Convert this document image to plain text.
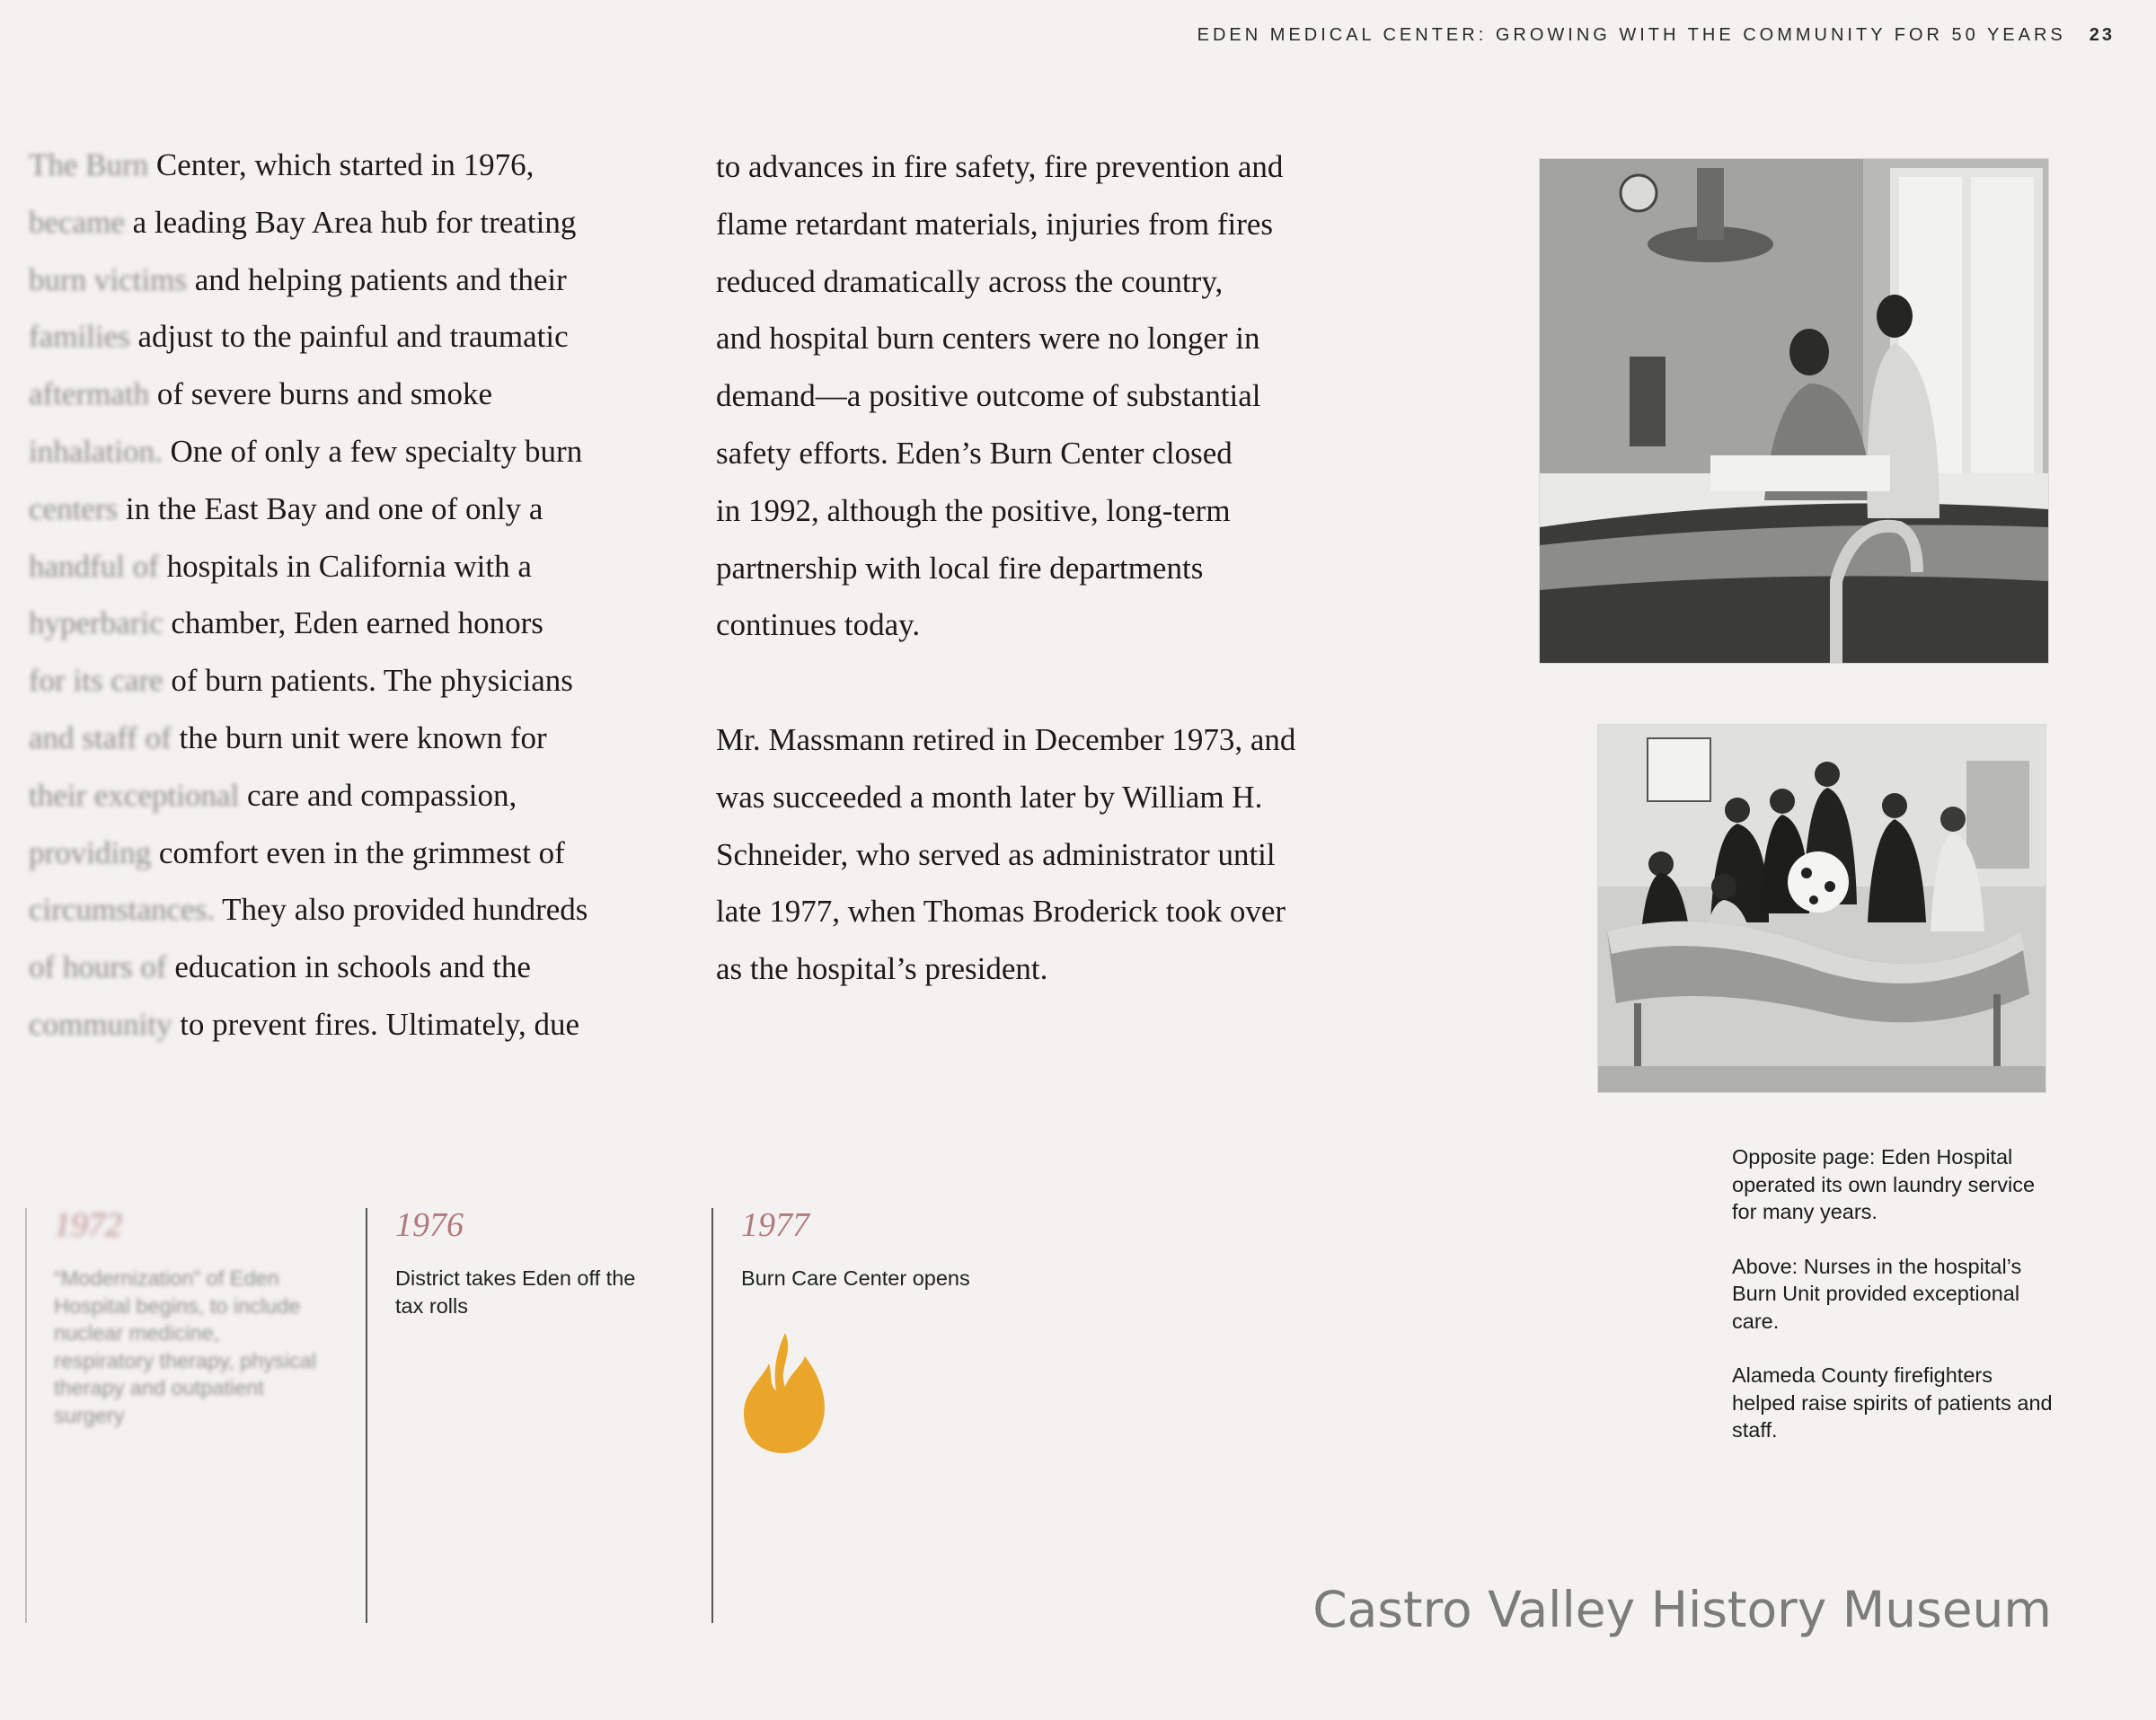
EDEN MEDICAL CENTER: GROWING WITH THE COMMUNITY FOR 50 YEARS 23

The Burn Center, which started in 1976,
became a leading Bay Area hub for treating
burn victims and helping patients and their
families adjust to the painful and traumatic
aftermath of severe burns and smoke
inhalation. One of only a few specialty burn
centers in the East Bay and one of only a
handful of hospitals in California with a
hyperbaric chamber, Eden earned honors
for its care of burn patients. The physicians
and staff of the burn unit were known for
their exceptional care and compassion,
providing comfort even in the grimmest of
circumstances. They also provided hundreds
of hours of education in schools and the
community to prevent fires. Ultimately, due

to advances in fire safety, fire prevention and
flame retardant materials, injuries from fires
reduced dramatically across the country,
and hospital burn centers were no longer in
demand—a positive outcome of substantial
safety efforts. Eden’s Burn Center closed
in 1992, although the positive, long-term
partnership with local fire departments
continues today.

Mr. Massmann retired in December 1973, and
was succeeded a month later by William H.
Schneider, who served as administrator until
late 1977, when Thomas Broderick took over
as the hospital’s president.

Opposite page: Eden Hospital operated its own laundry service for many years.

Above: Nurses in the hospital’s Burn Unit provided exceptional care.

Alameda County firefighters helped raise spirits of patients and staff.

1972
“Modernization” of Eden Hospital begins, to include nuclear medicine, respiratory therapy, physical therapy and outpatient surgery
1976
District takes Eden off the tax rolls
1977
Burn Care Center opens
Castro Valley History Museum
